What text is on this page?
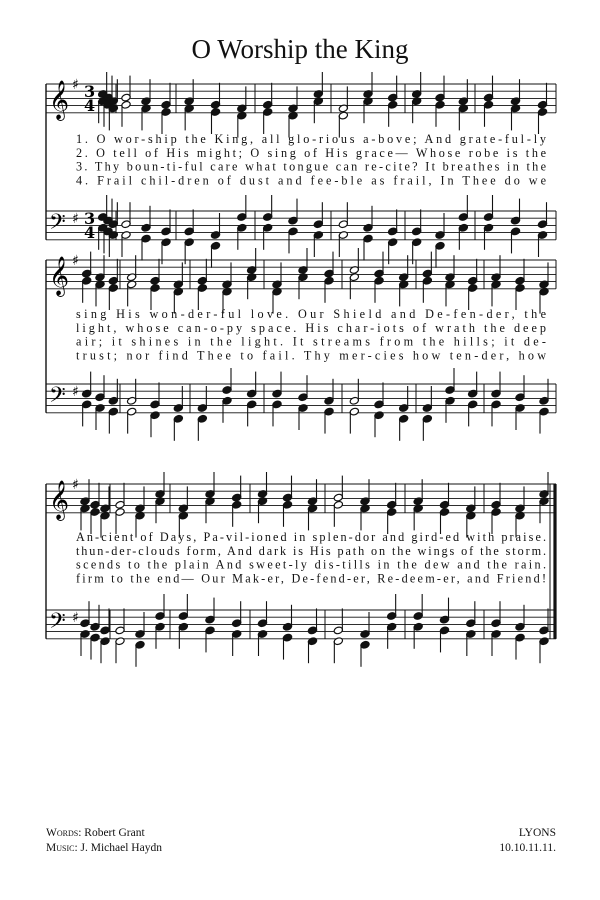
O Worship the King
𝄞
𝄢
♯
♯
3
3
4
4
1. O wor-ship the King, all glo-rious a-bove; And grate-ful-ly
2. O tell of His might; O sing of His grace— Whose robe is the
3. Thy boun-ti-ful care what tongue can re-cite? It breathes in the
4. Frail chil-dren of dust and fee-ble as frail, In Thee do we
𝄞
𝄢
♯
♯
sing His won-der-ful love. Our Shield and De-fen-der, the
light, whose can-o-py space. His char-iots of wrath the deep
air; it shines in the light. It streams from the hills; it de-
trust; nor find Thee to fail. Thy mer-cies how ten-der, how
𝄞
𝄢
♯
♯
An-cient of Days, Pa-vil-ioned in splen-dor and gird-ed with praise.
thun-der-clouds form, And dark is His path on the wings of the storm.
scends to the plain And sweet-ly dis-tills in the dew and the rain.
firm to the end— Our Mak-er, De-fend-er, Re-deem-er, and Friend!
Words: Robert Grant
Music: J. Michael Haydn
LYONS
10.10.11.11.
